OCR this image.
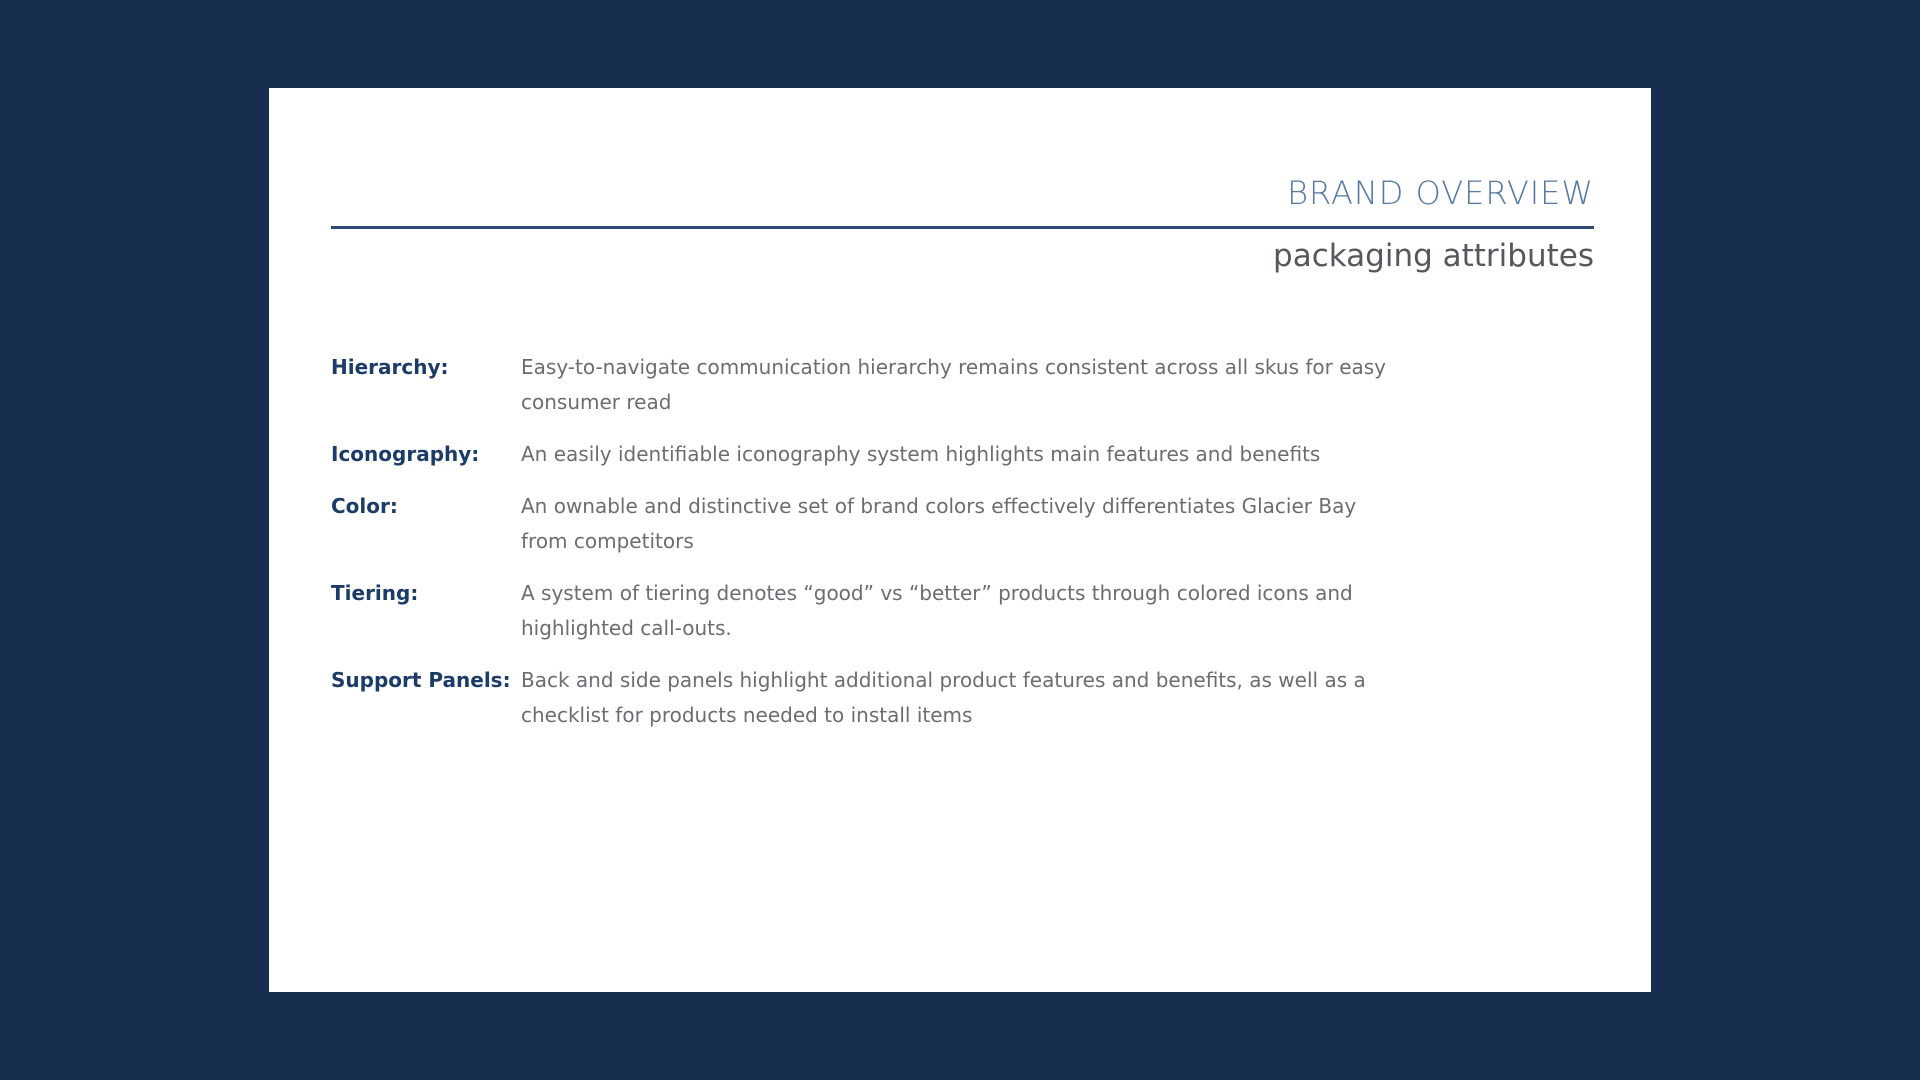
BRAND OVERVIEW
packaging attributes
Hierarchy:	Easy-to-navigate communication hierarchy remains consistent across all skus for easy consumer read
Iconography:	An easily identifiable iconography system highlights main features and benefits
Color:	An ownable and distinctive set of brand colors effectively differentiates Glacier Bay from competitors
Tiering:	A system of tiering denotes “good” vs “better” products through colored icons and highlighted call-outs.
Support Panels: Back and side panels highlight additional product features and benefits, as well as a checklist for products needed to install items
